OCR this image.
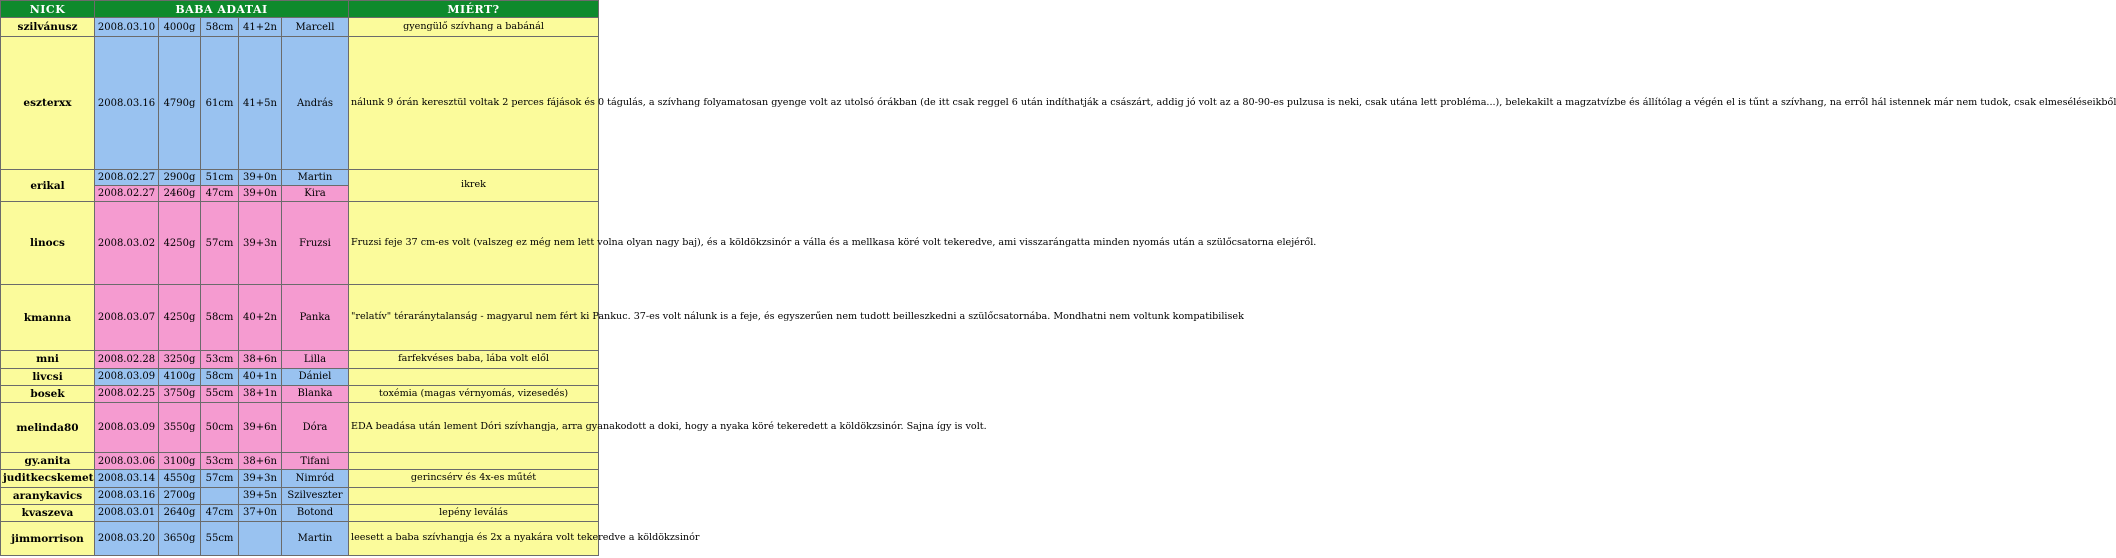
NICK	BABA ADATAI					MIÉRT?
szilvánusz	2008.03.10	4000g	58cm	41+2n	Marcell	gyengülő szívhang a babánál
eszterxx	2008.03.16	4790g	61cm	41+5n	András	nálunk 9 órán keresztül voltak 2 perces fájások és 0 tágulás, a szívhang folyamatosan gyenge volt az utolsó órákban (de itt csak reggel 6 után indíthatják a császárt, addig jó volt az a 80-90-es pulzusa is neki, csak utána lett probléma...), belekakilt a magzatvízbe és állítólag a végén el is tűnt a szívhang, na erről hál istennek már nem tudok, csak elmeséléseikből
erikal	2008.02.27	2900g	51cm	39+0n	Martin	ikrek
	2008.02.27	2460g	47cm	39+0n	Kira	
linocs	2008.03.02	4250g	57cm	39+3n	Fruzsi	Fruzsi feje 37 cm-es volt (valszeg ez még nem lett volna olyan nagy baj), és a köldökzsinór a válla és a mellkasa köré volt tekeredve, ami visszarángatta minden nyomás után a szülőcsatorna elejéről.
kmanna	2008.03.07	4250g	58cm	40+2n	Panka	"relatív" téraránytalanság - magyarul nem fért ki Pankuc. 37-es volt nálunk is a feje, és egyszerűen nem tudott beilleszkedni a szülőcsatornába. Mondhatni nem voltunk kompatibilisek
mni	2008.02.28	3250g	53cm	38+6n	Lilla	farfekvéses baba, lába volt elől
livcsi	2008.03.09	4100g	58cm	40+1n	Dániel	
bosek	2008.02.25	3750g	55cm	38+1n	Blanka	toxémia (magas vérnyomás, vizesedés)
melinda80	2008.03.09	3550g	50cm	39+6n	Dóra	EDA beadása után lement Dóri szívhangja, arra gyanakodott a doki, hogy a nyaka köré tekeredett a köldökzsinór. Sajna így is volt.
gy.anita	2008.03.06	3100g	53cm	38+6n	Tifani	
juditkecskemet	2008.03.14	4550g	57cm	39+3n	Nimród	gerincsérv és 4x-es műtét
aranykavics	2008.03.16	2700g		39+5n	Szilveszter	
kvaszeva	2008.03.01	2640g	47cm	37+0n	Botond	lepény leválás
jimmorrison	2008.03.20	3650g	55cm		Martin	leesett a baba szívhangja és 2x a nyakára volt tekeredve a köldökzsinór
